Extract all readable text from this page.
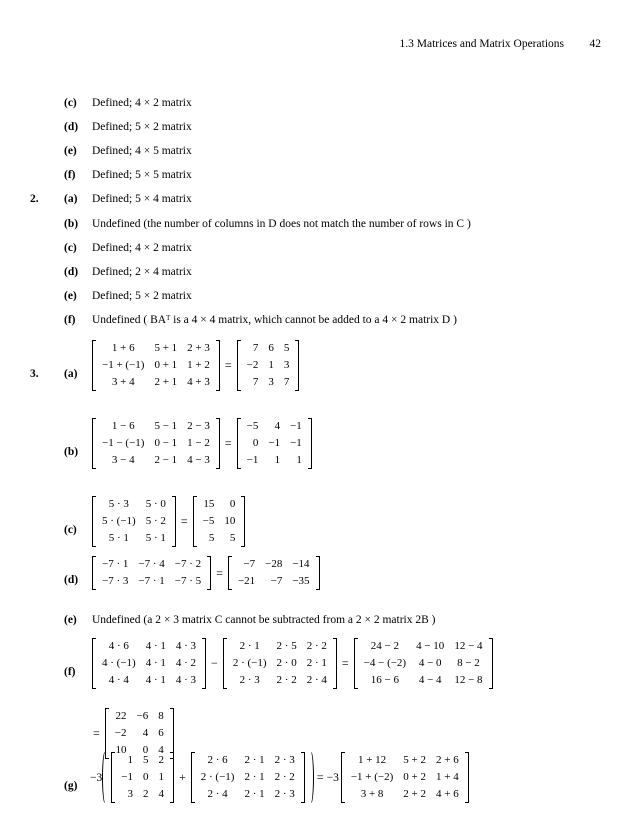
1.3 Matrices and Matrix Operations 42
(c) Defined; 4 × 2 matrix
(d) Defined; 5 × 2 matrix
(e) Defined; 4 × 5 matrix
(f) Defined; 5 × 5 matrix
2. (a) Defined; 5 × 4 matrix
(b) Undefined (the number of columns in D does not match the number of rows in C )
(c) Defined; 4 × 2 matrix
(d) Defined; 2 × 4 matrix
(e) Defined; 5 × 2 matrix
(f) Undefined ( BAᵀ is a 4 × 4 matrix, which cannot be added to a 4 × 2 matrix D )
3. (a)
1 + 6	5 + 1	2 + 3
−1 + (−1)	0 + 1	1 + 2
3 + 4	2 + 1	4 + 3
=
7	6	5
−2	1	3
7	3	7
(b)
1 − 6	5 − 1	2 − 3
−1 − (−1)	0 − 1	1 − 2
3 − 4	2 − 1	4 − 3
=
−5	4	−1
0	−1	−1
−1	1	1
(c)
5 · 3	5 · 0
5 · (−1)	5 · 2
5 · 1	5 · 1
=
15	0
−5	10
5	5
(d)
−7 · 1	−7 · 4	−7 · 2
−7 · 3	−7 · 1	−7 · 5
=
−7	−28	−14
−21	−7	−35
(e) Undefined (a 2 × 3 matrix C cannot be subtracted from a 2 × 2 matrix 2B )
(f)
4 · 6	4 · 1	4 · 3
4 · (−1)	4 · 1	4 · 2
4 · 4	4 · 1	4 · 3
−
2 · 1	2 · 5	2 · 2
2 · (−1)	2 · 0	2 · 1
2 · 3	2 · 2	2 · 4
=
24 − 2	4 − 10	12 − 4
−4 − (−2)	4 − 0	8 − 2
16 − 6	4 − 4	12 − 8
=
22	−6	8
−2	4	6
10	0	4
(g)
−3
1	5	2
−1	0	1
3	2	4
+
2 · 6	2 · 1	2 · 3
2 · (−1)	2 · 1	2 · 2
2 · 4	2 · 1	2 · 3
= −3
1 + 12	5 + 2	2 + 6
−1 + (−2)	0 + 2	1 + 4
3 + 8	2 + 2	4 + 6
